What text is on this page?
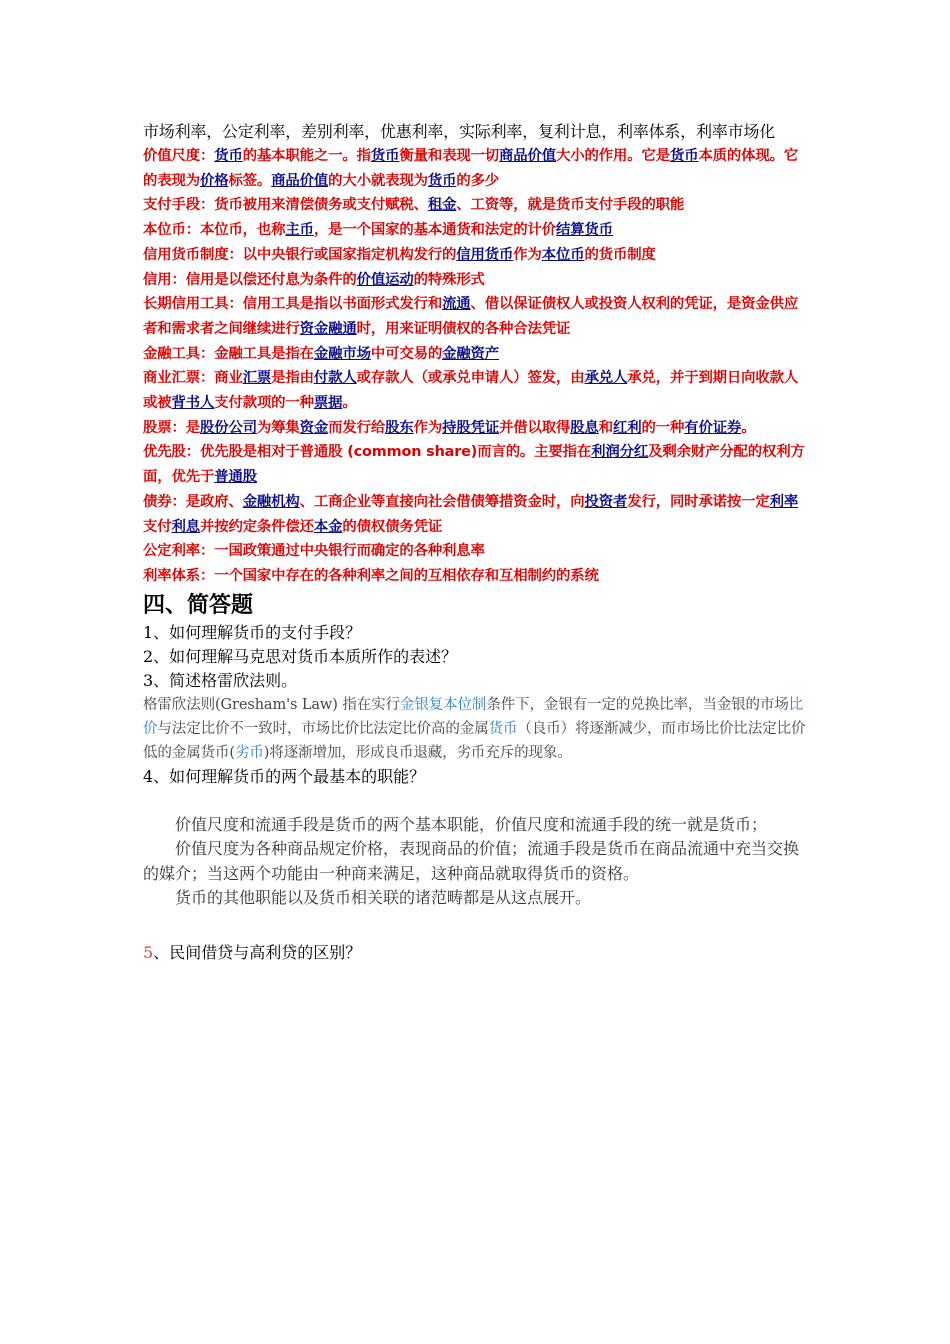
市场利率，公定利率，差别利率，优惠利率，实际利率，复利计息，利率体系，利率市场化

价值尺度：货币的基本职能之一。指货币衡量和表现一切商品价值大小的作用。它是货币本质的体现。它的表现为价格标签。商品价值的大小就表现为货币的多少

支付手段：货币被用来清偿债务或支付赋税、租金、工资等，就是货币支付手段的职能

本位币：本位币，也称主币，是一个国家的基本通货和法定的计价结算货币

信用货币制度：以中央银行或国家指定机构发行的信用货币作为本位币的货币制度

信用：信用是以偿还付息为条件的价值运动的特殊形式

长期信用工具：信用工具是指以书面形式发行和流通、借以保证债权人或投资人权利的凭证，是资金供应者和需求者之间继续进行资金融通时，用来证明债权的各种合法凭证

金融工具：金融工具是指在金融市场中可交易的金融资产

商业汇票：商业汇票是指由付款人或存款人（或承兑申请人）签发，由承兑人承兑，并于到期日向收款人或被背书人支付款项的一种票据。

股票：是股份公司为筹集资金而发行给股东作为持股凭证并借以取得股息和红利的一种有价证券。

优先股：优先股是相对于普通股 (common share)而言的。主要指在利润分红及剩余财产分配的权利方面，优先于普通股

债券：是政府、金融机构、工商企业等直接向社会借债筹措资金时，向投资者发行，同时承诺按一定利率支付利息并按约定条件偿还本金的债权债务凭证

公定利率：一国政策通过中央银行而确定的各种利息率

利率体系：一个国家中存在的各种利率之间的互相依存和互相制约的系统

四、简答题

1、如何理解货币的支付手段？

2、如何理解马克思对货币本质所作的表述？

3、简述格雷欣法则。

格雷欣法则(Gresham's Law) 指在实行金银复本位制条件下，金银有一定的兑换比率，当金银的市场比价与法定比价不一致时，市场比价比法定比价高的金属货币（良币）将逐渐减少，而市场比价比法定比价低的金属货币(劣币)将逐渐增加，形成良币退藏，劣币充斥的现象。

4、如何理解货币的两个最基本的职能？

价值尺度和流通手段是货币的两个基本职能，价值尺度和流通手段的统一就是货币；

价值尺度为各种商品规定价格，表现商品的价值；流通手段是货币在商品流通中充当交换的媒介；当这两个功能由一种商来满足，这种商品就取得货币的资格。

货币的其他职能以及货币相关联的诸范畴都是从这点展开。

5、民间借贷与高利贷的区别？
